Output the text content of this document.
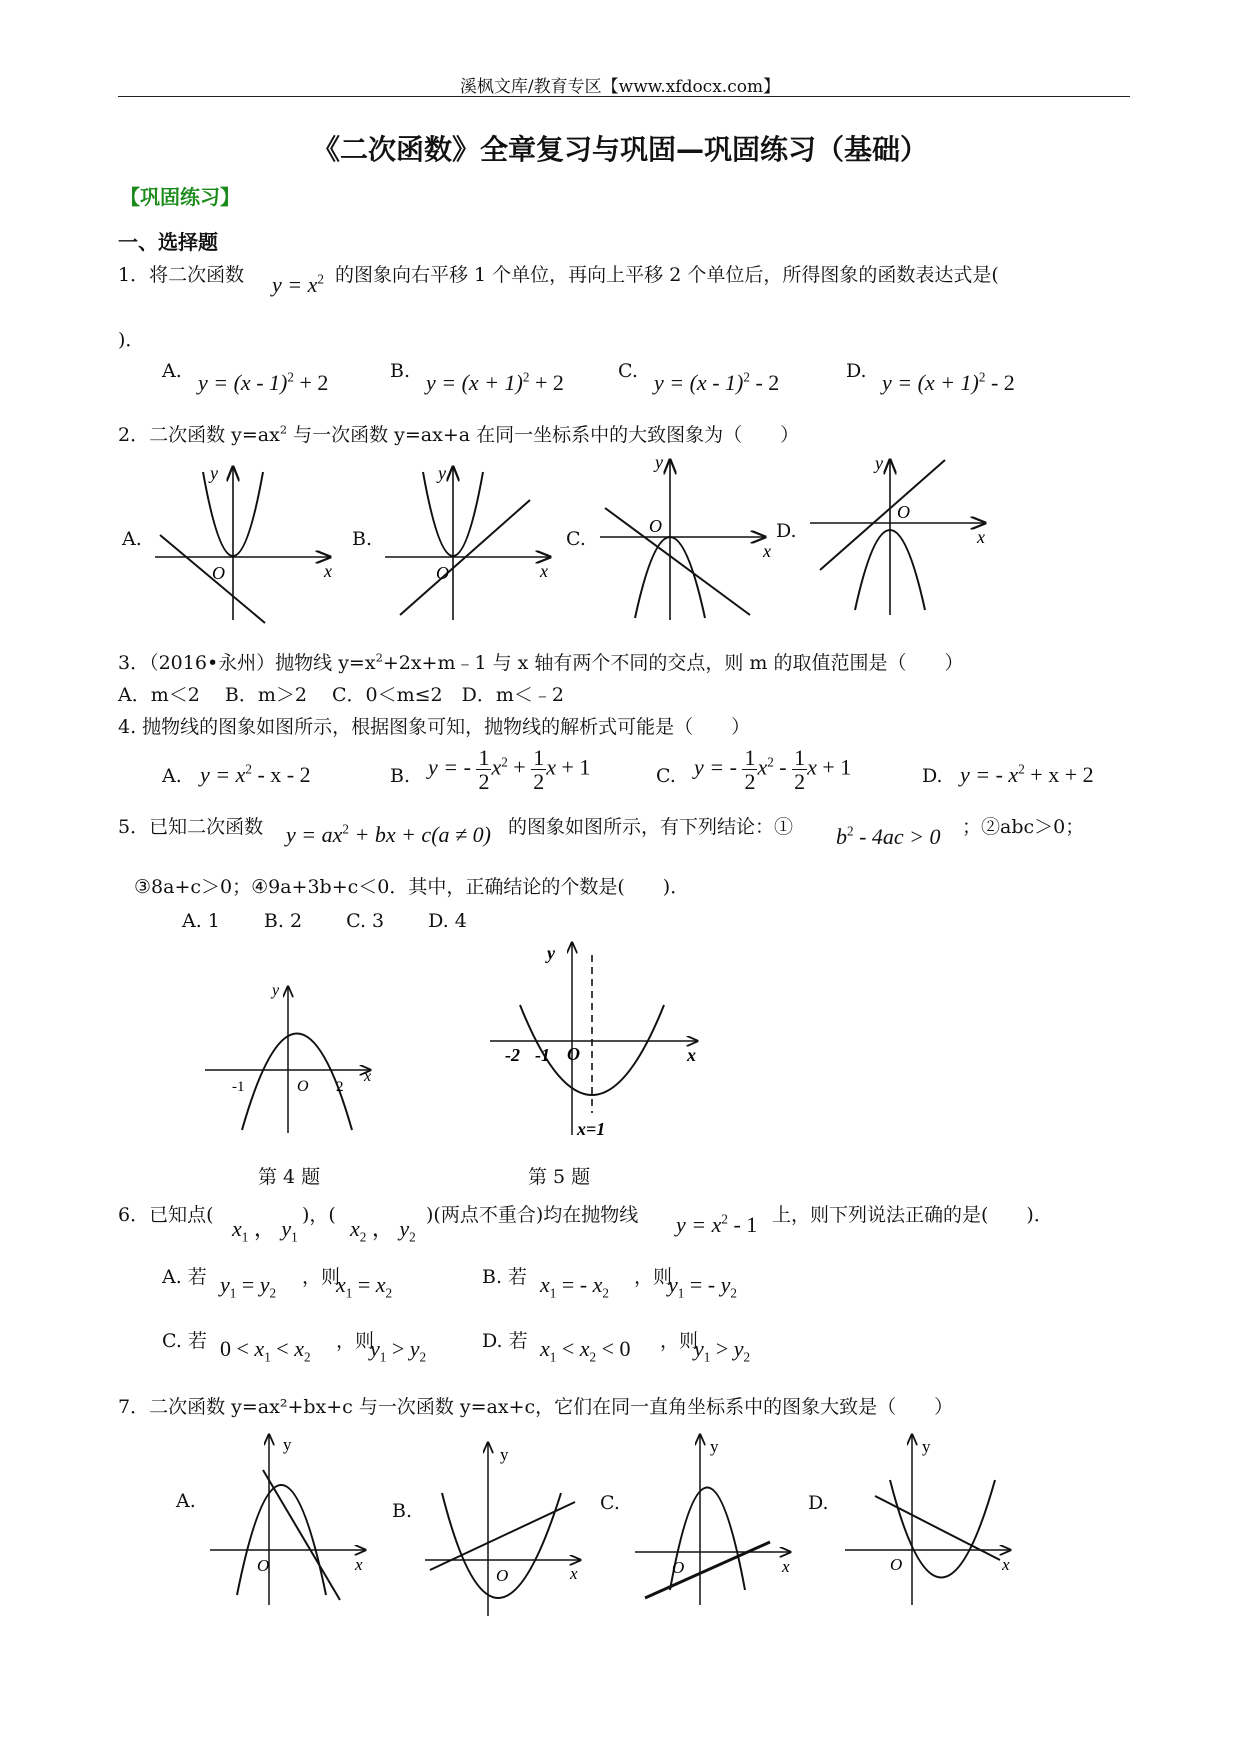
溪枫文库/教育专区【www.xfdocx.com】
《二次函数》全章复习与巩固—巩固练习（基础）
【巩固练习】
一、选择题
1．将二次函数 $y = x^2$ 的图象向右平移 1 个单位，再向上平移 2 个单位后，所得图象的函数表达式是(
)．
A. y = (x - 1)$^2$ + 2	B. $y = (x + 1)^2 + 2$	C. y = (x - 1)$^2$ - 2	D. $y = (x + 1)^2 - 2$
2．二次函数 $y=ax^2$ 与一次函数 y=ax+a 在同一坐标系中的大致图象为（　　）
A.
O	x
y
B.
O	x
y
C.
O
x
y
D.
O
x
y
3．（2016•永州）抛物线 $y=x^2+2x+m﹣1$ 与 x 轴有两个不同的交点，则 m 的取值范围是（　　）
A．m＜2　 B．m＞2　 C．0＜m≤2　D．m＜﹣2
4. 抛物线的图象如图所示，根据图象可知，抛物线的解析式可能是（　　）
A. $y = x^2 - x - 2$	B. y = - $\frac{1}{2} x^2 + \frac{1}{2}$ x + 1	C. y = - $\frac{1}{2} x^2 - \frac{1}{2}$ x + 1	D. y = - $x^2 + x + 2$
5．已知二次函数 $y = ax^2$ + bx + c(a ≠ 0) 的图象如图所示，有下列结论：① $b^2 - 4ac > 0$ ；②abc＞0；
③8a+c＞0；④9a+3b+c＜0．其中，正确结论的个数是(　　)．
A. 1　　 B. 2　　 C. 3　　 D. 4
-1	O 2
x
y
第 4 题
-2 -1 O	x
y
x=1
第 5 题
6．已知点(
$x_1$ ， $y_1$
)，(
$x_2$ ， $y_2$
)(两点不重合)均在抛物线 $y = x^2 - 1$ 上，则下列说法正确的是(　　)．
A. 若 $y_1 = y_2$
，则
$x_1 = x_2$
B. 若 $x_1$ = - $x_2$
，则
$y_1$ = - $y_2$
C. 若 $0 < x_1 < x_2$
，则
$y_1 > y_2$
D. 若 $x_1 < x_2 < 0$ ，则
$y_1 > y_2$
7．二次函数 y=ax²+bx+c 与一次函数 y=ax+c，它们在同一直角坐标系中的图象大致是（　　）
A.
O	x
y
B.
O	x
y
C.
O	x
y
D.
O	x
y
